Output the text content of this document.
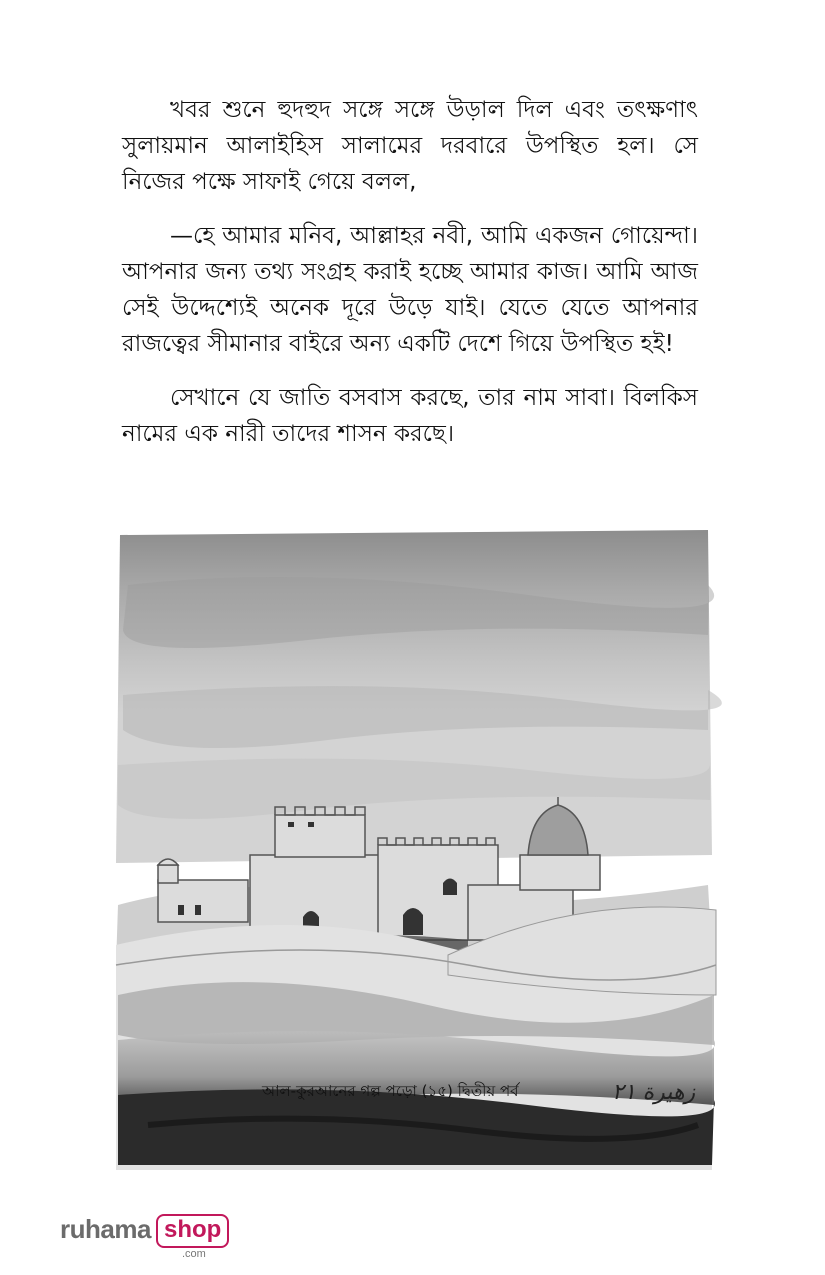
খবর শুনে হুদহুদ সঙ্গে সঙ্গে উড়াল দিল এবং তৎক্ষণাৎ সুলায়মান আলাইহিস সালামের দরবারে উপস্থিত হল। সে নিজের পক্ষে সাফাই গেয়ে বলল,

—হে আমার মনিব, আল্লাহর নবী, আমি একজন গোয়েন্দা। আপনার জন্য তথ্য সংগ্রহ করাই হচ্ছে আমার কাজ। আমি আজ সেই উদ্দেশ্যেই অনেক দূরে উড়ে যাই। যেতে যেতে আপনার রাজত্বের সীমানার বাইরে অন্য একটি দেশে গিয়ে উপস্থিত হই!

সেখানে যে জাতি বসবাস করছে, তার নাম সাবা। বিলকিস নামের এক নারী তাদের শাসন করছে।

আল-কুরআনের গল্প পড়ো (১৫) দ্বিতীয় পর্ব	زهيرة ٢١
ruhama shop
.com
